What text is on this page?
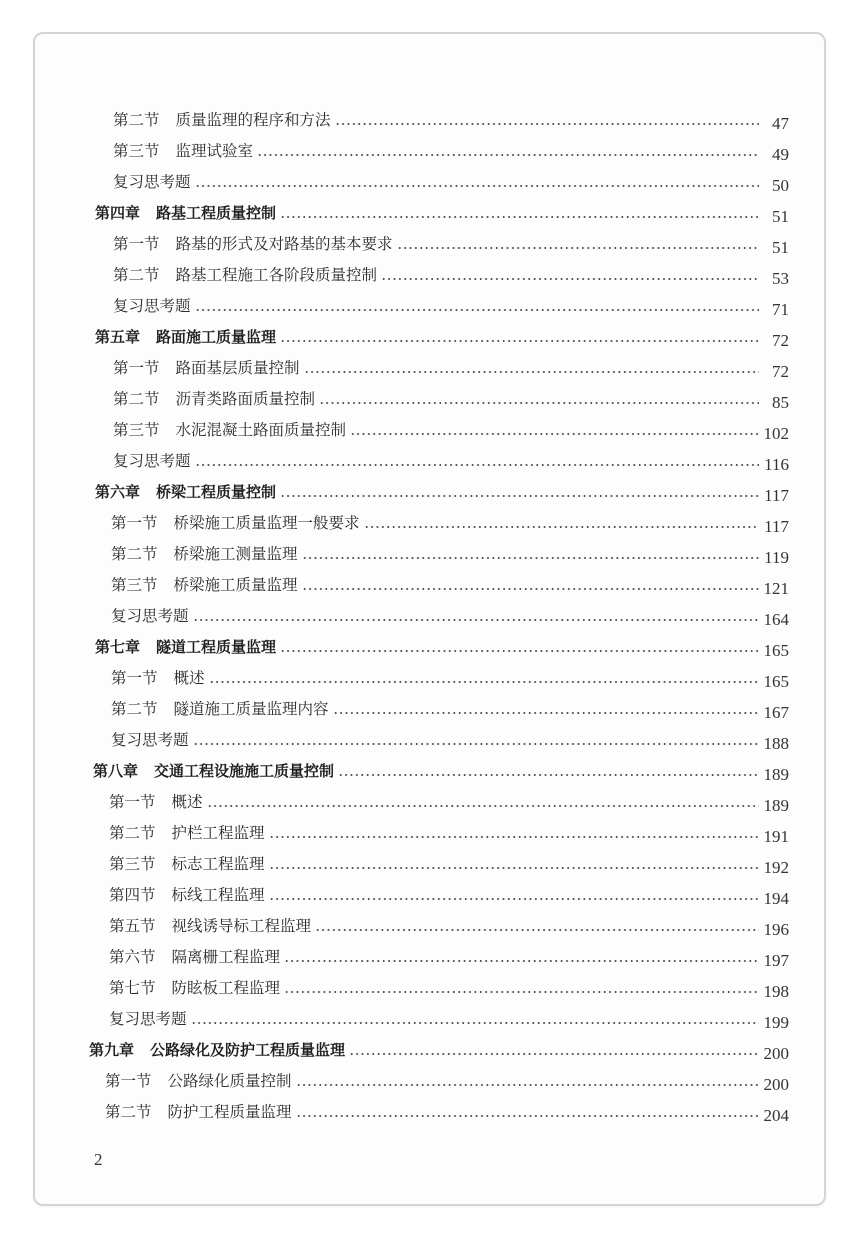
第二节 质量监理的程序和方法	47
第三节 监理试验室	49
复习思考题	50
第四章 路基工程质量控制	51
第一节 路基的形式及对路基的基本要求	51
第二节 路基工程施工各阶段质量控制	53
复习思考题	71
第五章 路面施工质量监理	72
第一节 路面基层质量控制	72
第二节 沥青类路面质量控制	85
第三节 水泥混凝土路面质量控制	102
复习思考题	116
第六章 桥梁工程质量控制	117
第一节 桥梁施工质量监理一般要求	117
第二节 桥梁施工测量监理	119
第三节 桥梁施工质量监理	121
复习思考题	164
第七章 隧道工程质量监理	165
第一节 概述	165
第二节 隧道施工质量监理内容	167
复习思考题	188
第八章 交通工程设施施工质量控制	189
第一节 概述	189
第二节 护栏工程监理	191
第三节 标志工程监理	192
第四节 标线工程监理	194
第五节 视线诱导标工程监理	196
第六节 隔离栅工程监理	197
第七节 防眩板工程监理	198
复习思考题	199
第九章 公路绿化及防护工程质量监理	200
第一节 公路绿化质量控制	200
第二节 防护工程质量监理	204
2
